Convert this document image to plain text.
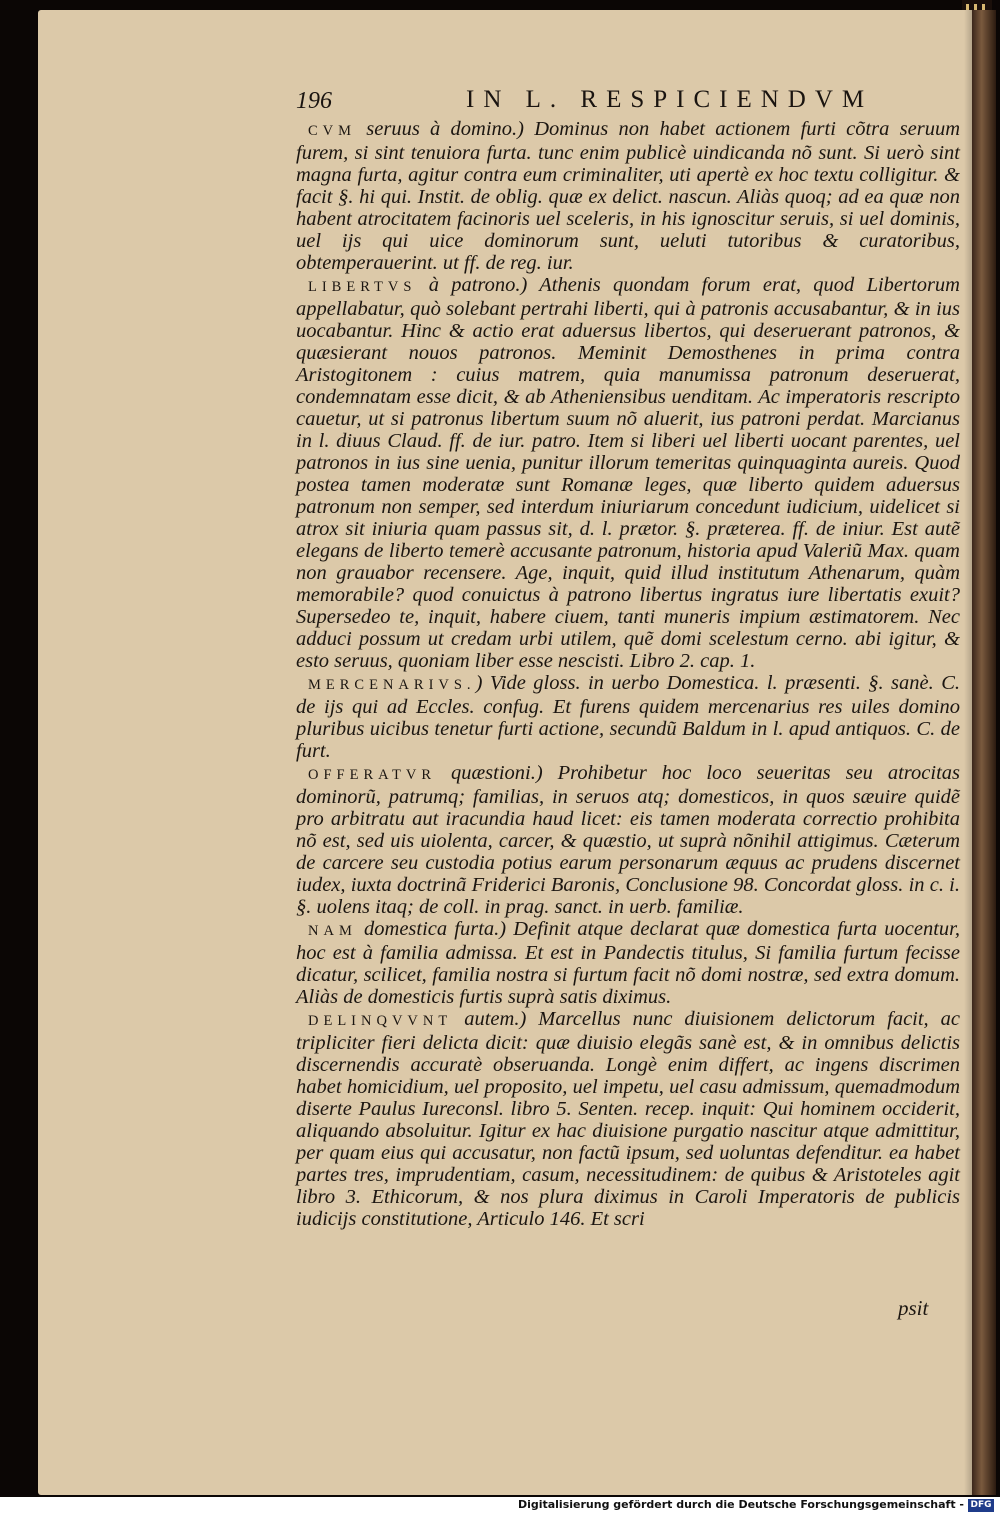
196	IN L. RESPICIENDVM

CVM seruus à domino.) Dominus non habet actionem furti cõtra seruum furem, si sint tenuiora furta. tunc enim publicè uindicanda nõ sunt. Si uerò sint magna furta, agitur contra eum criminaliter, uti apertè ex hoc textu colligitur. & facit §. hi qui. Instit. de oblig. quæ ex delict. nascun. Aliàs quoq; ad ea quæ non habent atrocitatem facinoris uel sceleris, in his ignoscitur seruis, si uel dominis, uel ijs qui uice dominorum sunt, ueluti tutoribus & curatoribus, obtemperauerint. ut ff. de reg. iur.

LIBERTVS à patrono.) Athenis quondam forum erat, quod Libertorum appellabatur, quò solebant pertrahi liberti, qui à patronis accusabantur, & in ius uocabantur. Hinc & actio erat aduersus libertos, qui deseruerant patronos, & quæsierant nouos patronos. Meminit Demosthenes in prima contra Aristogitonem : cuius matrem, quia manumissa patronum deseruerat, condemnatam esse dicit, & ab Atheniensibus uenditam. Ac imperatoris rescripto cauetur, ut si patronus libertum suum nõ aluerit, ius patroni perdat. Marcianus in l. diuus Claud. ff. de iur. patro. Item si liberi uel liberti uocant parentes, uel patronos in ius sine uenia, punitur illorum temeritas quinquaginta aureis. Quod postea tamen moderatæ sunt Romanæ leges, quæ liberto quidem aduersus patronum non semper, sed interdum iniuriarum concedunt iudicium, uidelicet si atrox sit iniuria quam passus sit, d. l. prætor. §. præterea. ff. de iniur. Est autẽ elegans de liberto temerè accusante patronum, historia apud Valeriũ Max. quam non grauabor recensere. Age, inquit, quid illud institutum Athenarum, quàm memorabile? quod conuictus à patrono libertus ingratus iure libertatis exuit? Supersedeo te, inquit, habere ciuem, tanti muneris impium æstimatorem. Nec adduci possum ut credam urbi utilem, quẽ domi scelestum cerno. abi igitur, & esto seruus, quoniam liber esse nescisti. Libro 2. cap. 1.

MERCENARIVS.) Vide gloss. in uerbo Domestica. l. præsenti. §. sanè. C. de ijs qui ad Eccles. confug. Et furens quidem mercenarius res uiles domino pluribus uicibus tenetur furti actione, secundũ Baldum in l. apud antiquos. C. de furt.

OFFERATVR quæstioni.) Prohibetur hoc loco seueritas seu atrocitas dominorũ, patrumq; familias, in seruos atq; domesticos, in quos sæuire quidẽ pro arbitratu aut iracundia haud licet: eis tamen moderata correctio prohibita nõ est, sed uis uiolenta, carcer, & quæstio, ut suprà nõnihil attigimus. Cæterum de carcere seu custodia potius earum personarum æquus ac prudens discernet iudex, iuxta doctrinã Friderici Baronis, Conclusione 98. Concordat gloss. in c. i. §. uolens itaq; de coll. in prag. sanct. in uerb. familiæ.

NAM domestica furta.) Definit atque declarat quæ domestica furta uocentur, hoc est à familia admissa. Et est in Pandectis titulus, Si familia furtum fecisse dicatur, scilicet, familia nostra si furtum facit nõ domi nostræ, sed extra domum. Aliàs de domesticis furtis suprà satis diximus.

DELINQVVNT autem.) Marcellus nunc diuisionem delictorum facit, ac tripliciter fieri delicta dicit: quæ diuisio elegãs sanè est, & in omnibus delictis discernendis accuratè obseruanda. Longè enim differt, ac ingens discrimen habet homicidium, uel proposito, uel impetu, uel casu admissum, quemadmodum diserte Paulus Iureconsl. libro 5. Senten. recep. inquit: Qui hominem occiderit, aliquando absoluitur. Igitur ex hac diuisione purgatio nascitur atque admittitur, per quam eius qui accusatur, non factũ ipsum, sed uoluntas defenditur. ea habet partes tres, imprudentiam, casum, necessitudinem: de quibus & Aristoteles agit libro 3. Ethicorum, & nos plura diximus in Caroli Imperatoris de publicis iudicijs constitutione, Articulo 146. Et scri

psit
Digitalisierung gefördert durch die Deutsche Forschungsgemeinschaft - DFG
